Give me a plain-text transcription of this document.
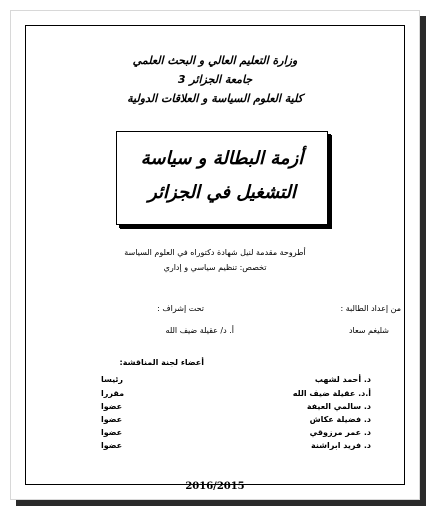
وزارة التعليم العالي و البحث العلمي
جامعة الجزائر 3
كلية العلوم السياسة و العلاقات الدولية
أزمة البطالة و سياسة
التشغيل في الجزائر
أطروحة مقدمة لنيل شهادة دكتوراه في العلوم السياسة
تخصص: تنظيم سياسي و إداري
من إعداد الطالبة :
تحت إشراف :
شليغم سعاد
أ. د/ عقيلة ضيف الله
أعضاء لجنة المناقشة:
د. أحمد لشهب
رئيسا
أ.د. عقيلة ضيف الله
مقررا
د. سالمي العيفة
عضوا
د. فضيلة عكاش
عضوا
د. عمر مرزوقي
عضوا
د. فريد ابراشنة
عضوا
2016/2015
